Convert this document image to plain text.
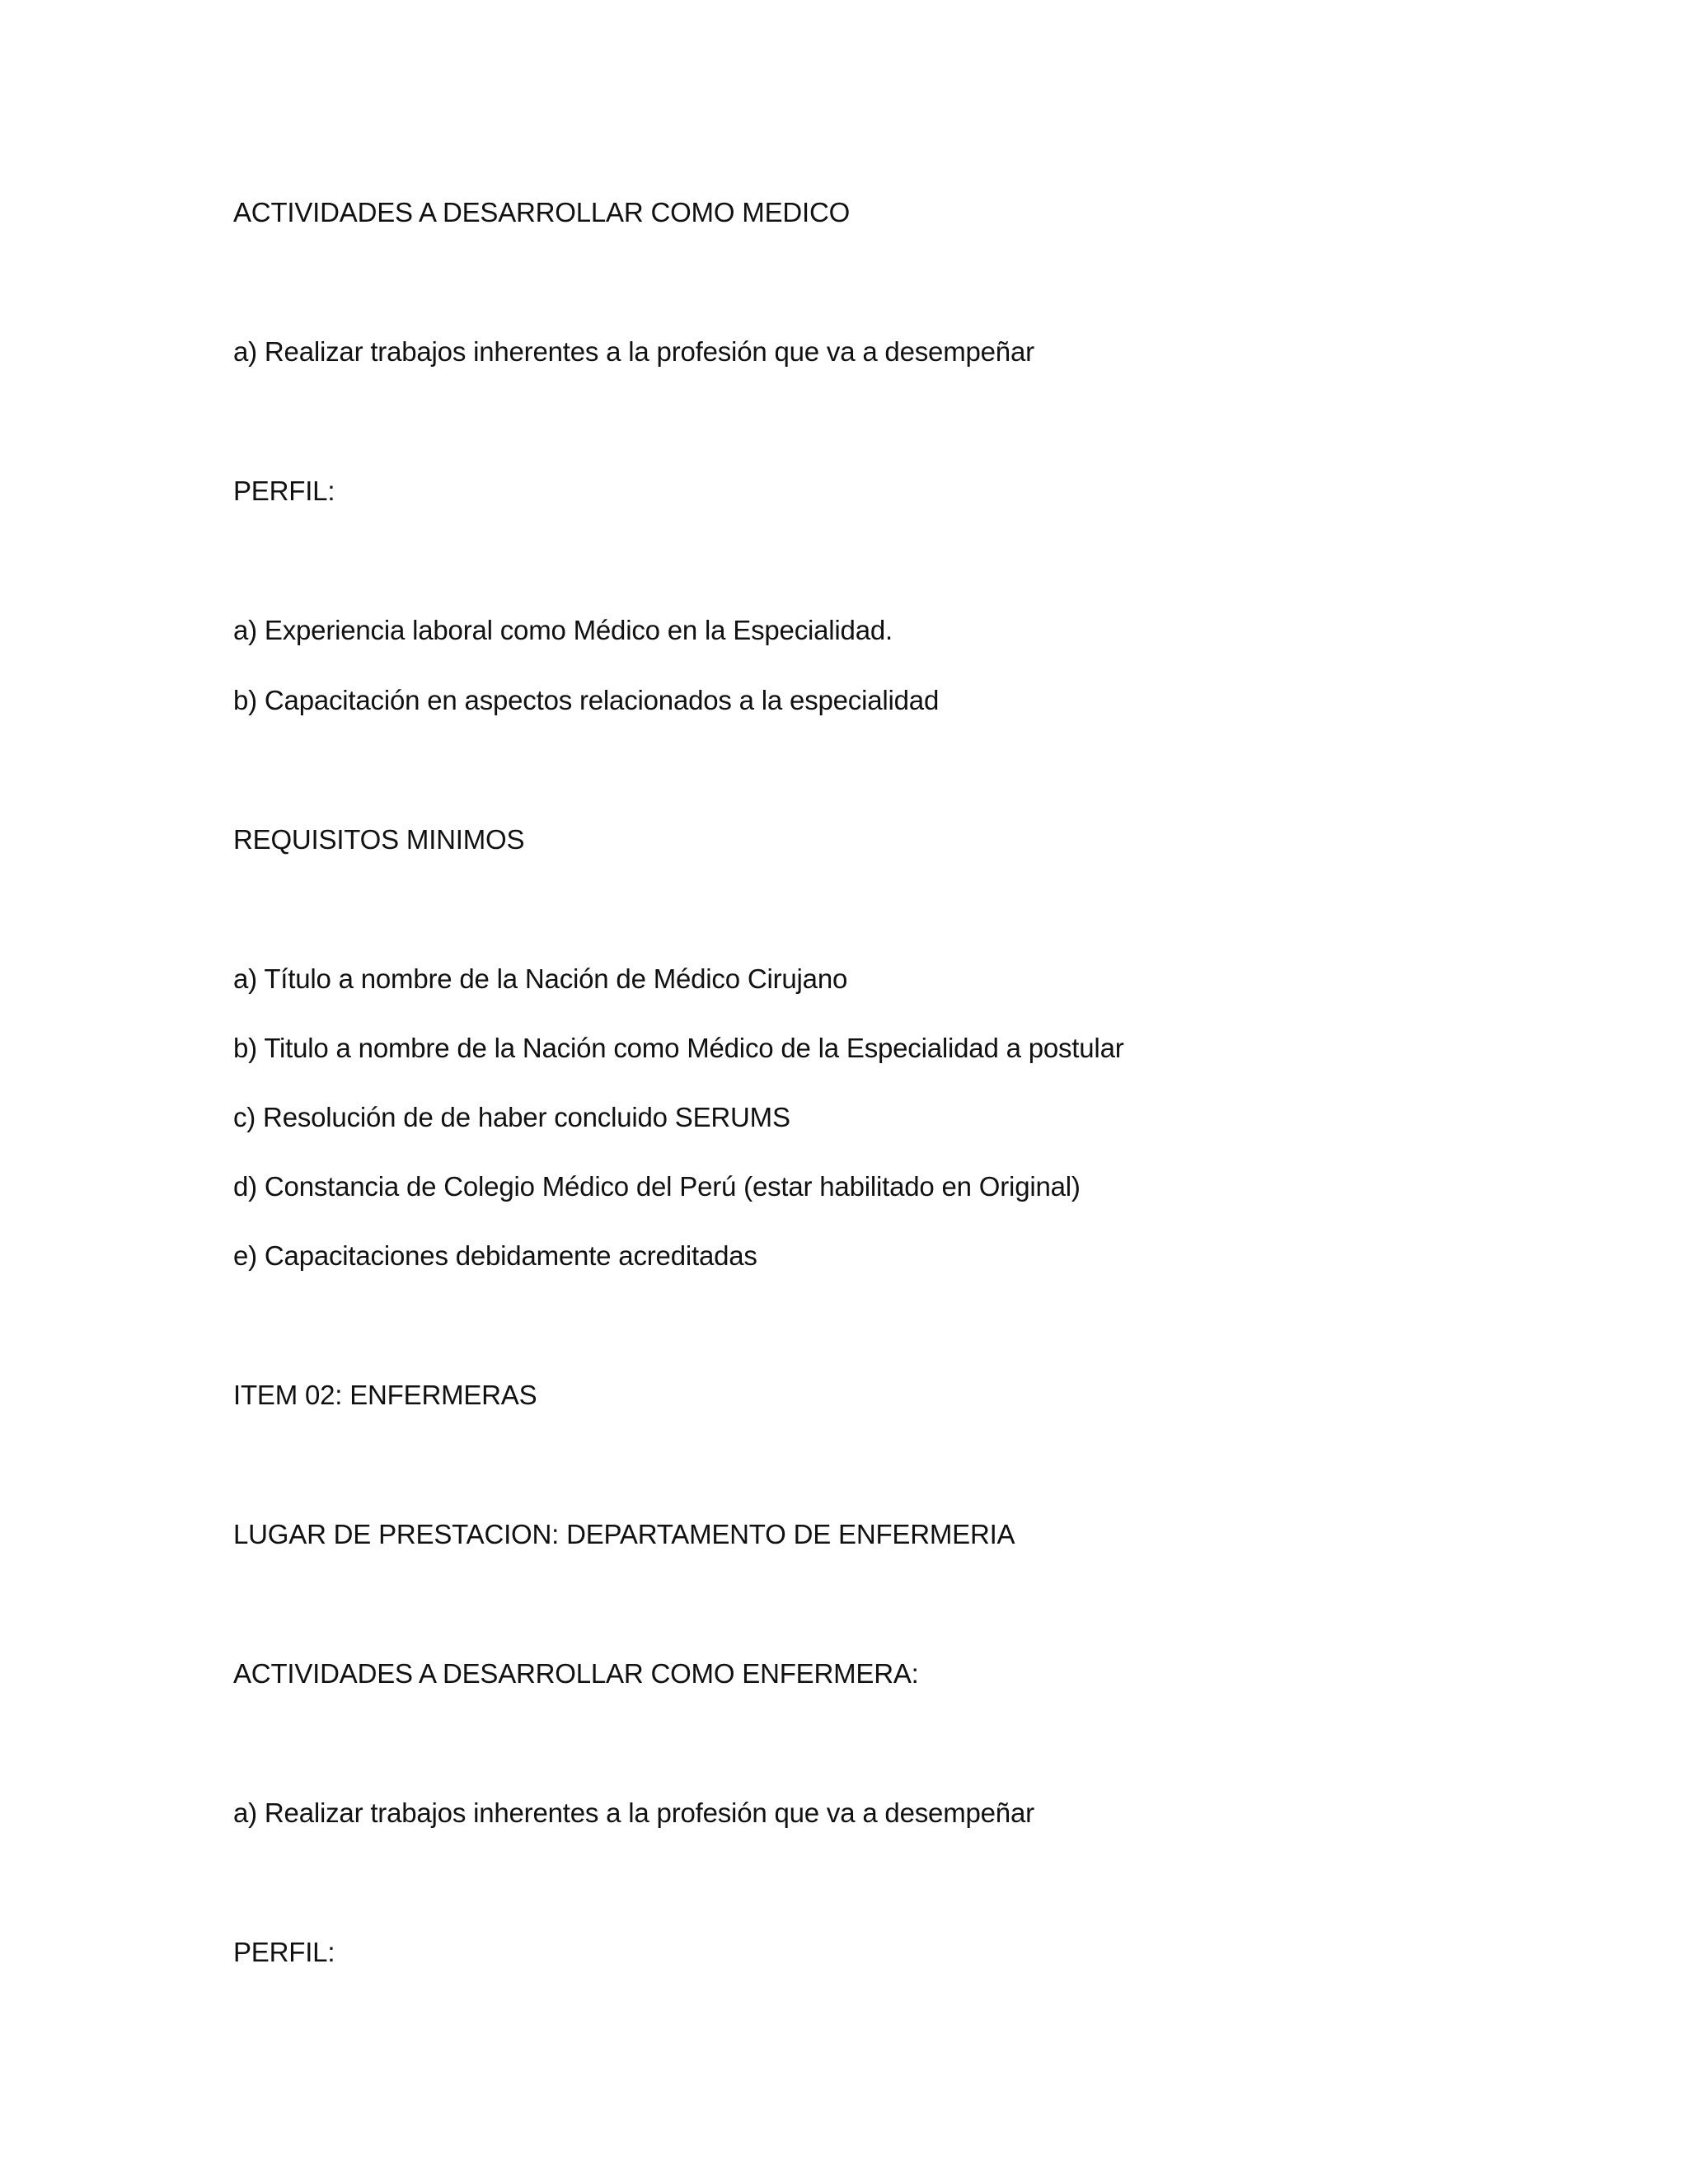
ACTIVIDADES A DESARROLLAR COMO MEDICO

a) Realizar trabajos inherentes a la profesión que va a desempeñar

PERFIL:

a) Experiencia laboral como Médico en la Especialidad.

b) Capacitación en aspectos relacionados a la especialidad

REQUISITOS MINIMOS

a) Título a nombre de la Nación de Médico Cirujano

b) Titulo a nombre de la Nación como Médico de la Especialidad a postular

c) Resolución de de haber concluido SERUMS

d) Constancia de Colegio Médico del Perú (estar habilitado en Original)

e) Capacitaciones debidamente acreditadas

ITEM 02: ENFERMERAS

LUGAR DE PRESTACION: DEPARTAMENTO DE ENFERMERIA

ACTIVIDADES A DESARROLLAR COMO ENFERMERA:

a) Realizar trabajos inherentes a la profesión que va a desempeñar

PERFIL:
